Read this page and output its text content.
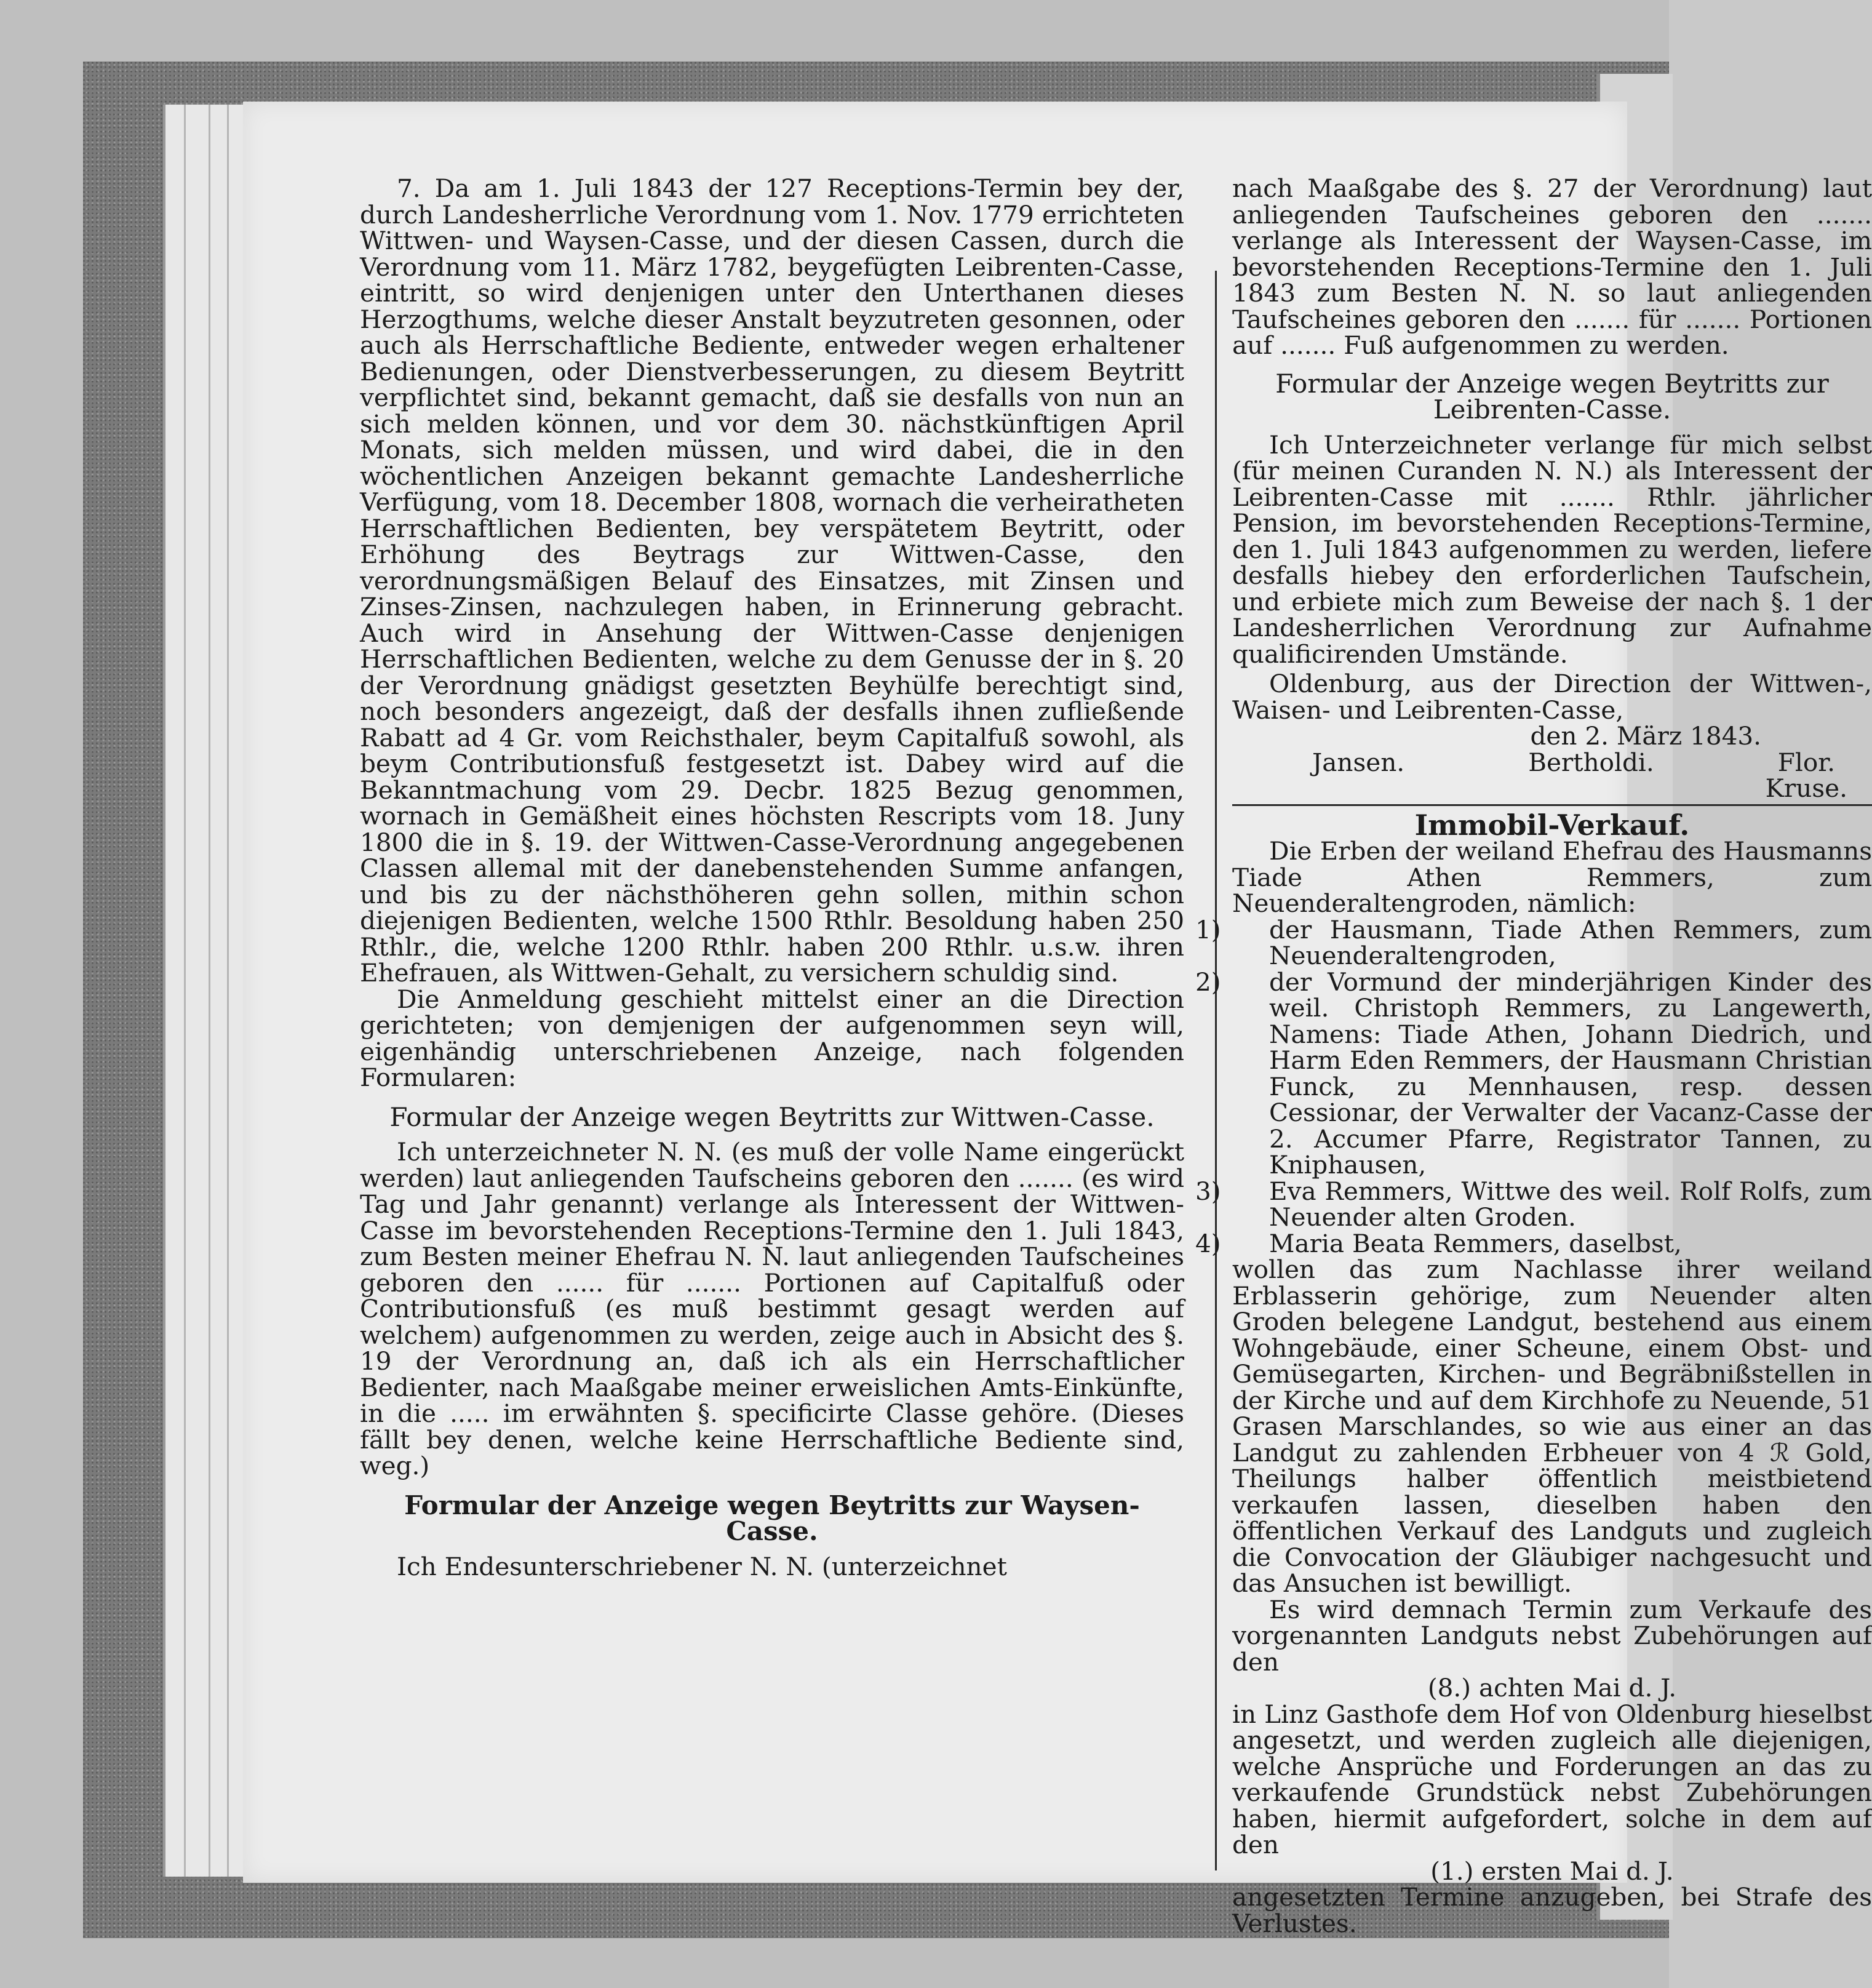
7. Da am 1. Juli 1843 der 127 Receptions-Termin bey der, durch Landesherrliche Verordnung vom 1. Nov. 1779 errichteten Wittwen- und Waysen-Casse, und der diesen Cassen, durch die Verordnung vom 11. März 1782, beygefügten Leibrenten-Casse, eintritt, so wird denjenigen unter den Unterthanen dieses Herzogthums, welche dieser Anstalt beyzutreten gesonnen, oder auch als Herrschaftliche Bediente, entweder wegen erhaltener Bedienungen, oder Dienstverbesserungen, zu diesem Beytritt verpflichtet sind, bekannt gemacht, daß sie desfalls von nun an sich melden können, und vor dem 30. nächstkünftigen April Monats, sich melden müssen, und wird dabei, die in den wöchentlichen Anzeigen bekannt gemachte Landesherrliche Verfügung, vom 18. December 1808, wornach die verheiratheten Herrschaftlichen Bedienten, bey verspätetem Beytritt, oder Erhöhung des Beytrags zur Wittwen-Casse, den verordnungsmäßigen Belauf des Einsatzes, mit Zinsen und Zinses-Zinsen, nachzulegen haben, in Erinnerung gebracht. Auch wird in Ansehung der Wittwen-Casse denjenigen Herrschaftlichen Bedienten, welche zu dem Genusse der in §. 20 der Verordnung gnädigst gesetzten Beyhülfe berechtigt sind, noch besonders angezeigt, daß der desfalls ihnen zufließende Rabatt ad 4 Gr. vom Reichsthaler, beym Capitalfuß sowohl, als beym Contributionsfuß festgesetzt ist. Dabey wird auf die Bekanntmachung vom 29. Decbr. 1825 Bezug genommen, wornach in Gemäßheit eines höchsten Rescripts vom 18. Juny 1800 die in §. 19. der Wittwen-Casse-Verordnung angegebenen Classen allemal mit der danebenstehenden Summe anfangen, und bis zu der nächsthöheren gehn sollen, mithin schon diejenigen Bedienten, welche 1500 Rthlr. Besoldung haben 250 Rthlr., die, welche 1200 Rthlr. haben 200 Rthlr. u.s.w. ihren Ehefrauen, als Wittwen-Gehalt, zu versichern schuldig sind.

Die Anmeldung geschieht mittelst einer an die Direction gerichteten; von demjenigen der aufgenommen seyn will, eigenhändig unterschriebenen Anzeige, nach folgenden Formularen:

Formular der Anzeige wegen Beytritts zur Wittwen-Casse.

Ich unterzeichneter N. N. (es muß der volle Name eingerückt werden) laut anliegenden Taufscheins geboren den ....... (es wird Tag und Jahr genannt) verlange als Interessent der Wittwen-Casse im bevorstehenden Receptions-Termine den 1. Juli 1843, zum Besten meiner Ehefrau N. N. laut anliegenden Taufscheines geboren den ...... für ....... Portionen auf Capitalfuß oder Contributionsfuß (es muß bestimmt gesagt werden auf welchem) aufgenommen zu werden, zeige auch in Absicht des §. 19 der Verordnung an, daß ich als ein Herrschaftlicher Bedienter, nach Maaßgabe meiner erweislichen Amts-Einkünfte, in die ..... im erwähnten §. specificirte Classe gehöre. (Dieses fällt bey denen, welche keine Herrschaftliche Bediente sind, weg.)

Formular der Anzeige wegen Beytritts zur Waysen-Casse.

Ich Endesunterschriebener N. N. (unterzeichnet

nach Maaßgabe des §. 27 der Verordnung) laut anliegenden Taufscheines geboren den ....... verlange als Interessent der Waysen-Casse, im bevorstehenden Receptions-Termine den 1. Juli 1843 zum Besten N. N. so laut anliegenden Taufscheines geboren den ....... für ....... Portionen auf ....... Fuß aufgenommen zu werden.

Formular der Anzeige wegen Beytritts zur Leibrenten-Casse.

Ich Unterzeichneter verlange für mich selbst (für meinen Curanden N. N.) als Interessent der Leibrenten-Casse mit ....... Rthlr. jährlicher Pension, im bevorstehenden Receptions-Termine, den 1. Juli 1843 aufgenommen zu werden, liefere desfalls hiebey den erforderlichen Taufschein, und erbiete mich zum Beweise der nach §. 1 der Landesherrlichen Verordnung zur Aufnahme qualificirenden Umstände.

Oldenburg, aus der Direction der Wittwen-, Waisen- und Leibrenten-Casse,

den 2. März 1843.

Jansen.	Bertholdi.	Flor.

Kruse.

Immobil-Verkauf.

Die Erben der weiland Ehefrau des Hausmanns Tiade Athen Remmers, zum Neuenderaltengroden, nämlich:

1) der Hausmann, Tiade Athen Remmers, zum Neuenderaltengroden,

2) der Vormund der minderjährigen Kinder des weil. Christoph Remmers, zu Langewerth, Namens: Tiade Athen, Johann Diedrich, und Harm Eden Remmers, der Hausmann Christian Funck, zu Mennhausen, resp. dessen Cessionar, der Verwalter der Vacanz-Casse der 2. Accumer Pfarre, Registrator Tannen, zu Kniphausen,

3) Eva Remmers, Wittwe des weil. Rolf Rolfs, zum Neuender alten Groden.

4) Maria Beata Remmers, daselbst,

wollen das zum Nachlasse ihrer weiland Erblasserin gehörige, zum Neuender alten Groden belegene Landgut, bestehend aus einem Wohngebäude, einer Scheune, einem Obst- und Gemüsegarten, Kirchen- und Begräbnißstellen in der Kirche und auf dem Kirchhofe zu Neuende, 51 Grasen Marschlandes, so wie aus einer an das Landgut zu zahlenden Erbheuer von 4 ℛ Gold, Theilungs halber öffentlich meistbietend verkaufen lassen, dieselben haben den öffentlichen Verkauf des Landguts und zugleich die Convocation der Gläubiger nachgesucht und das Ansuchen ist bewilligt.

Es wird demnach Termin zum Verkaufe des vorgenannten Landguts nebst Zubehörungen auf den

(8.) achten Mai d. J.

in Linz Gasthofe dem Hof von Oldenburg hieselbst angesetzt, und werden zugleich alle diejenigen, welche Ansprüche und Forderungen an das zu verkaufende Grundstück nebst Zubehörungen haben, hiermit aufgefordert, solche in dem auf den

(1.) ersten Mai d. J.

angesetzten Termine anzugeben, bei Strafe des Verlustes.
